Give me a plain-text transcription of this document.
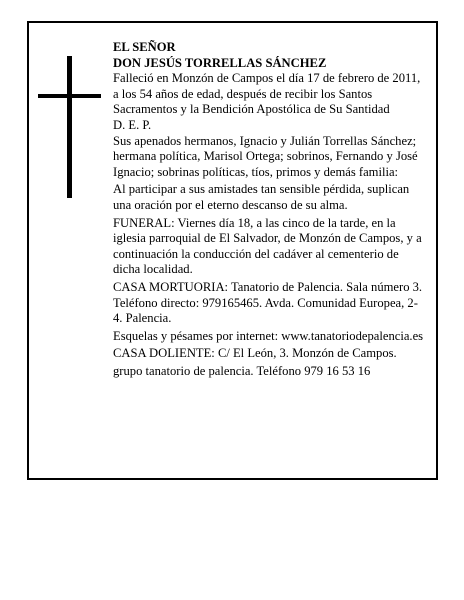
EL SEÑOR

DON JESÚS TORRELLAS SÁNCHEZ

Falleció en Monzón de Campos el día 17 de febrero de 2011, a los 54 años de edad, después de recibir los Santos Sacramentos y la Bendición Apostólica de Su Santidad

D. E. P.

Sus apenados hermanos, Ignacio y Julián Torrellas Sánchez; hermana política, Marisol Ortega; sobrinos, Fernando y José Ignacio; sobrinas políticas, tíos, primos y demás familia:

Al participar a sus amistades tan sensible pérdida, suplican una oración por el eterno descanso de su alma.

FUNERAL: Viernes día 18, a las cinco de la tarde, en la iglesia parroquial de El Salvador, de Monzón de Campos, y a continuación la conducción del cadáver al cementerio de dicha localidad.

CASA MORTUORIA: Tanatorio de Palencia. Sala número 3. Teléfono directo: 979165465. Avda. Comunidad Europea, 2-4. Palencia.

Esquelas y pésames por internet: www.tanatoriodepalencia.es

CASA DOLIENTE: C/ El León, 3. Monzón de Campos.

grupo tanatorio de palencia. Teléfono 979 16 53 16
